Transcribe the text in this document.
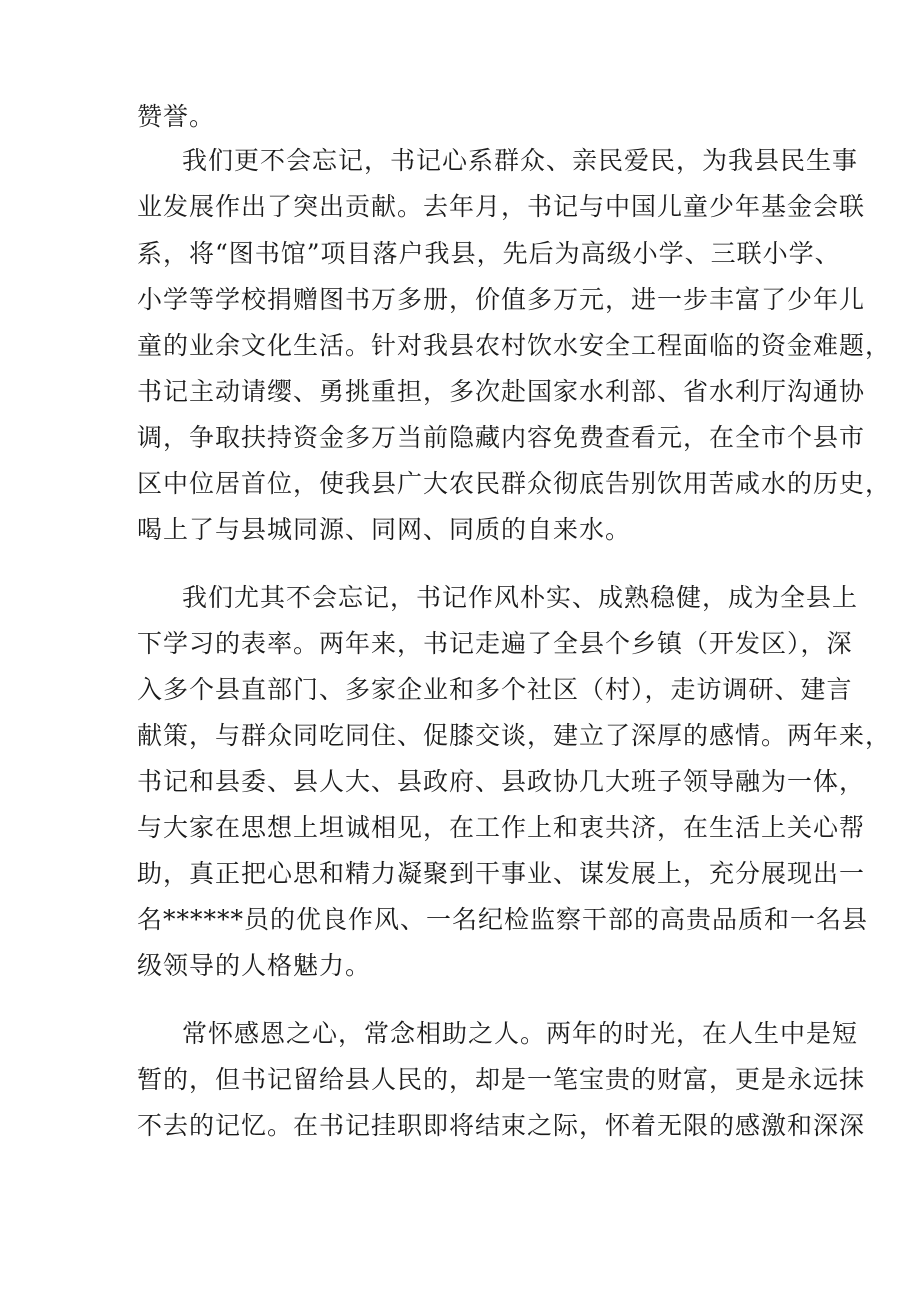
赞誉。
我们更不会忘记，书记心系群众、亲民爱民，为我县民生事
业发展作出了突出贡献。去年月，书记与中国儿童少年基金会联
系，将“图书馆”项目落户我县，先后为高级小学、三联小学、
小学等学校捐赠图书万多册，价值多万元，进一步丰富了少年儿
童的业余文化生活。针对我县农村饮水安全工程面临的资金难题，
书记主动请缨、勇挑重担，多次赴国家水利部、省水利厅沟通协
调，争取扶持资金多万当前隐藏内容免费查看元，在全市个县市
区中位居首位，使我县广大农民群众彻底告别饮用苦咸水的历史，
喝上了与县城同源、同网、同质的自来水。
我们尤其不会忘记，书记作风朴实、成熟稳健，成为全县上
下学习的表率。两年来，书记走遍了全县个乡镇（开发区），深
入多个县直部门、多家企业和多个社区（村），走访调研、建言
献策，与群众同吃同住、促膝交谈，建立了深厚的感情。两年来，
书记和县委、县人大、县政府、县政协几大班子领导融为一体，
与大家在思想上坦诚相见，在工作上和衷共济，在生活上关心帮
助，真正把心思和精力凝聚到干事业、谋发展上，充分展现出一
名******员的优良作风、一名纪检监察干部的高贵品质和一名县
级领导的人格魅力。
常怀感恩之心，常念相助之人。两年的时光，在人生中是短
暂的，但书记留给县人民的，却是一笔宝贵的财富，更是永远抹
不去的记忆。在书记挂职即将结束之际，怀着无限的感激和深深
